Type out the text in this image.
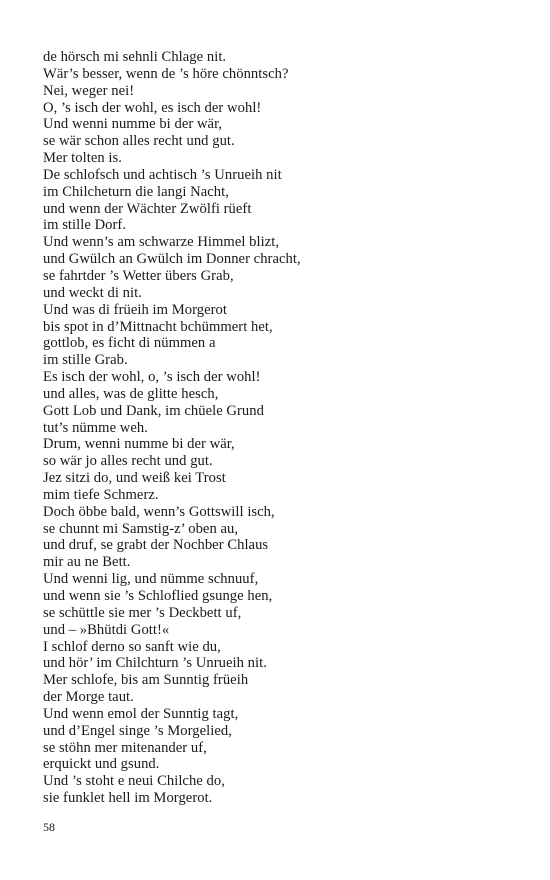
de hörsch mi sehnli Chlage nit.
Wär’s besser, wenn de ’s höre chönntsch?
Nei, weger nei!
O, ’s isch der wohl, es isch der wohl!
Und wenni numme bi der wär,
se wär schon alles recht und gut.
Mer tolten is.
De schlofsch und achtisch ’s Unrueih nit
im Chilcheturn die langi Nacht,
und wenn der Wächter Zwölfi rüeft
im stille Dorf.
Und wenn’s am schwarze Himmel blizt,
und Gwülch an Gwülch im Donner chracht,
se fahrtder ’s Wetter übers Grab,
und weckt di nit.
Und was di früeih im Morgerot
bis spot in d’Mittnacht bchümmert het,
gottlob, es ficht di nümmen a
im stille Grab.
Es isch der wohl, o, ’s isch der wohl!
und alles, was de glitte hesch,
Gott Lob und Dank, im chüele Grund
tut’s nümme weh.
Drum, wenni numme bi der wär,
so wär jo alles recht und gut.
Jez sitzi do, und weiß kei Trost
mim tiefe Schmerz.
Doch öbbe bald, wenn’s Gottswill isch,
se chunnt mi Samstig-z’ oben au,
und druf, se grabt der Nochber Chlaus
mir au ne Bett.
Und wenni lig, und nümme schnuuf,
und wenn sie ’s Schloflied gsunge hen,
se schüttle sie mer ’s Deckbett uf,
und – »Bhütdi Gott!«
I schlof derno so sanft wie du,
und hör’ im Chilchturn ’s Unrueih nit.
Mer schlofe, bis am Sunntig früeih
der Morge taut.
Und wenn emol der Sunntig tagt,
und d’Engel singe ’s Morgelied,
se stöhn mer mitenander uf,
erquickt und gsund.
Und ’s stoht e neui Chilche do,
sie funklet hell im Morgerot.
58
